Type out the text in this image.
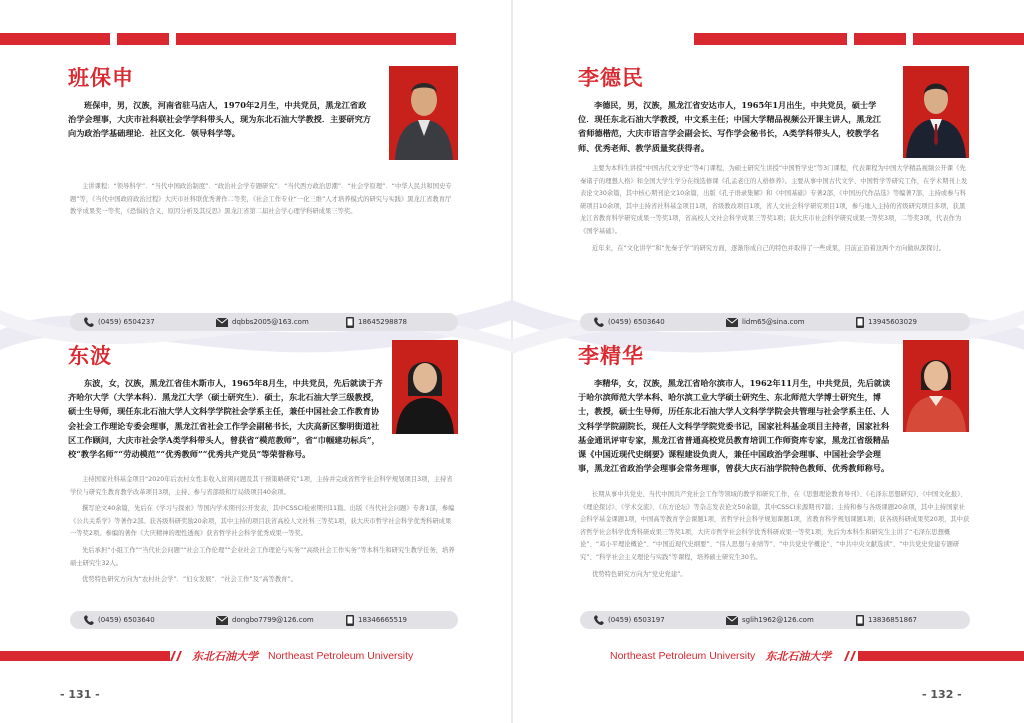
班保申
班保申，男，汉族，河南省驻马店人，1970年2月生，中共党员，黑龙江省政治学会理事，大庆市社科联社会学学科带头人，现为东北石油大学教授．主要研究方向为政治学基础理论．社区文化．领导科学等。

主讲课程：“领导科学”．“当代中国政治制度”．“政治社会学专题研究”．“当代西方政治思潮”．“社会学原理”．“中华人民共和国史专题”等，《当代中国政府政治过程》大庆市社科联优秀著作二等奖，《社会工作专业“一化三维”人才培养模式的研究与实践》黑龙江省教育厅教学成果奖一等奖，《恐惧的含义、原因分析及其反思》黑龙江省第二届社会学心理学科研成果三等奖。

(0459) 6504237	dqbbs2005@163.com	18645298878
东波
东波，女，汉族，黑龙江省佳木斯市人，1965年8月生，中共党员，先后就读于齐齐哈尔大学（大学本科）．黑龙江大学（硕士研究生）．硕士，东北石油大学三级教授，硕士生导师，现任东北石油大学人文科学学院社会学系主任，兼任中国社会工作教育协会社会工作理论专委会理事，黑龙江省社会工作学会副秘书长，大庆高新区黎明街道社区工作顾问，大庆市社会学A类学科带头人，曾获省“模范教师”，省“巾帼建功标兵”，校“教学名师”“劳动模范”“优秀教师”“优秀共产党员”等荣誉称号。

主持国家社科基金项目“2020年后农村女性非收入贫困问题及其干预策略研究”1项，主持并完成省哲学社会科学规划项目3项，主持省学位与研究生教育教学改革项目3项，主持、参与省部级和厅局级项目40余项。

撰写论文40余篇，先后在《学习与探索》等国内学术期刊公开发表，其中CSSCI检索期刊11篇。出版《当代社会问题》专著1部，参编《公共关系学》等著作2部。获各级科研奖励20余项，其中主持的项目获省高校人文社科三等奖1项，获大庆市哲学社会科学优秀科研成果一等奖2项。参编的著作《大庆精神的理性透视》获省哲学社会科学优秀成果一等奖。

先后承担“小组工作”“当代社会问题”“社会工作伦理”“企业社会工作理论与实务”“高级社会工作实务”等本科生和研究生教学任务，培养硕士研究生32人。

优势特色研究方向为“农村社会学”．“妇女发展”．“社会工作”及“高等教育”。

(0459) 6503640	dongbo7799@126.com	18346665519
东北石油大学 Northeast Petroleum University
- 131 -
李德民
李德民，男，汉族，黑龙江省安达市人，1965年1月出生，中共党员，硕士学位．现任东北石油大学教授，中文系主任；中国大学精品视频公开课主讲人，黑龙江省师德楷范，大庆市语言学会副会长、写作学会秘书长，A类学科带头人，校教学名师、优秀老师、教学质量奖获得者。

主要为本科生讲授“中国古代文学史”等4门课程，为硕士研究生讲授“中国哲学史”等3门课程，代表课程为中国大学精品视频公开课《先秦诸子的理想人格》和全国大学生学分在线选修课《孔孟老庄的人格修养》。主要从事中国古代文学、中国哲学等研究工作，在学术期刊上发表论文30余篇，其中核心期刊论文10余篇，出版《孔子语录集解》和《中国基础》专著2部，《中国历代作品选》等编著7部，主持或参与科研项目10余项，其中主持省社科基金项目1项，省级教改项目1项，省人文社会科学研究项目1项，参与地人主持的省级研究项目多项，获黑龙江省教育科学研究成果一等奖1项，省高校人文社会科学成果三等奖1项；获大庆市社会科学研究成果一等奖3项，二等奖3项，代表作为《国学基础》。

近年来，在“文化讲学”和“先秦子学”的研究方面，逐渐形成自己的特色并取得了一些成果，目前正沿着这两个方向做纵深探讨。

(0459) 6503640	lidm65@sina.com	13945603029
李精华
李精华，女，汉族，黑龙江省哈尔滨市人，1962年11月生，中共党员，先后就读于哈尔滨师范大学本科、哈尔滨工业大学硕士研究生、东北师范大学博士研究生，博士，教授，硕士生导师，历任东北石油大学人文科学学院会共管理与社会学系主任、人文科学学院副院长，现任人文科学学院党委书记，国家社科基金项目主持者，国家社科基金通讯评审专家，黑龙江省普通高校党员教育培训工作师资库专家，黑龙江省级精品课《中国近现代史纲要》课程建设负责人，兼任中国政治学会理事、中国社会学会理事，黑龙江省政治学会理事会常务理事，曾获大庆石油学院特色教师、优秀教师称号。

长期从事中共党史、当代中国共产党社会工作等领域的教学和研究工作，在《思想理论教育导刊》、《毛泽东思想研究》、《中国文化报》、《理论探讨》、《学术交流》、《东方论坛》等杂志发表论文50余篇，其中CSSCI来源期刊7篇；主持和参与各级课题20余项，其中主持国家社会科学基金课题1项，中国高等教育学会课题1项，省哲学社会科学规划课题1项，省教育科学规划课题1项；获各级科研成果奖20项，其中获省哲学社会科学优秀科研成果三等奖1项，大庆市哲学社会科学优秀科研成果一等奖1项，先后为本科生和研究生主讲了“毛泽东思想概论”、“邓小平理论概论”、“中国近现代史纲要”、“伟人思想与业绩等”、“中共党史学概论”、“中共中央文献选读”、“中共党史党建专题研究”、“科学社会主义理论与实践”等课程，培养硕士研究生30名。

优势特色研究方向为“党史党建”。

(0459) 6503197	sglih1962@126.com	13836851867
Northeast Petroleum University 东北石油大学
- 132 -
